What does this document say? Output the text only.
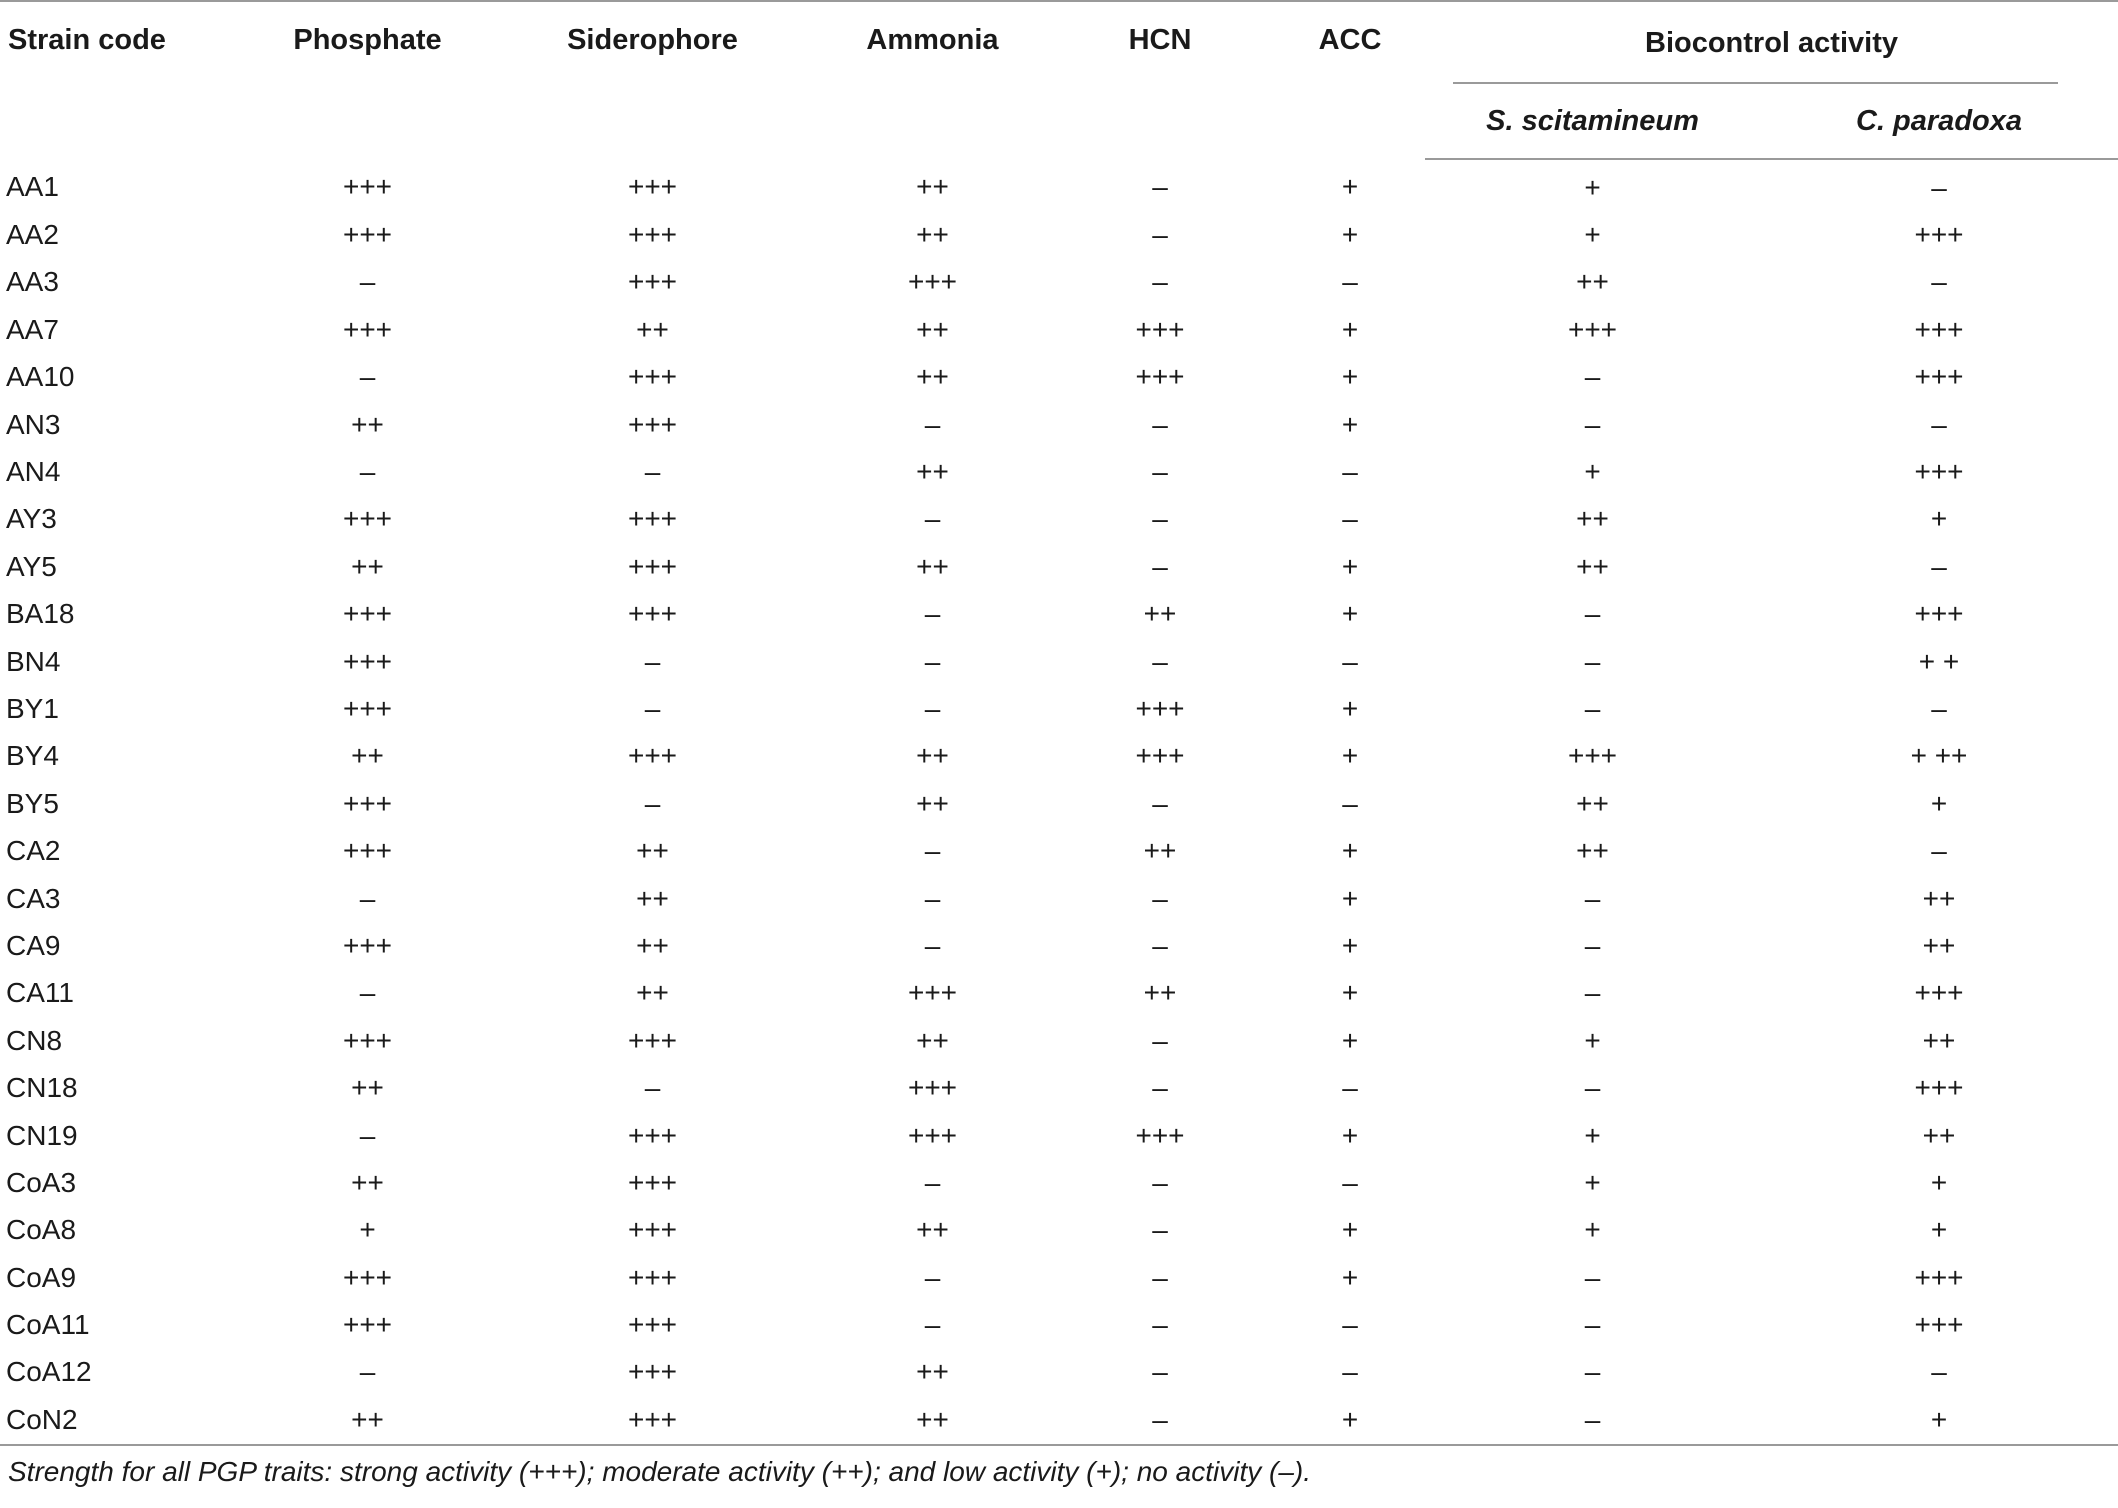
Strain code	Phosphate	Siderophore	Ammonia	HCN	ACC	Biocontrol activity	

						S. scitamineum	C. paradoxa
AA1	+++	+++	++	–	+	+	–
AA2	+++	+++	++	–	+	+	+++
AA3	–	+++	+++	–	–	++	–
AA7	+++	++	++	+++	+	+++	+++
AA10	–	+++	++	+++	+	–	+++
AN3	++	+++	–	–	+	–	–
AN4	–	–	++	–	–	+	+++
AY3	+++	+++	–	–	–	++	+
AY5	++	+++	++	–	+	++	–
BA18	+++	+++	–	++	+	–	+++
BN4	+++	–	–	–	–	–	+ +
BY1	+++	–	–	+++	+	–	–
BY4	++	+++	++	+++	+	+++	+ ++
BY5	+++	–	++	–	–	++	+
CA2	+++	++	–	++	+	++	–
CA3	–	++	–	–	+	–	++
CA9	+++	++	–	–	+	–	++
CA11	–	++	+++	++	+	–	+++
CN8	+++	+++	++	–	+	+	++
CN18	++	–	+++	–	–	–	+++
CN19	–	+++	+++	+++	+	+	++
CoA3	++	+++	–	–	–	+	+
CoA8	+	+++	++	–	+	+	+
CoA9	+++	+++	–	–	+	–	+++
CoA11	+++	+++	–	–	–	–	+++
CoA12	–	+++	++	–	–	–	–
CoN2	++	+++	++	–	+	–	+
Strength for all PGP traits: strong activity (+++); moderate activity (++); and low activity (+); no activity (–).
